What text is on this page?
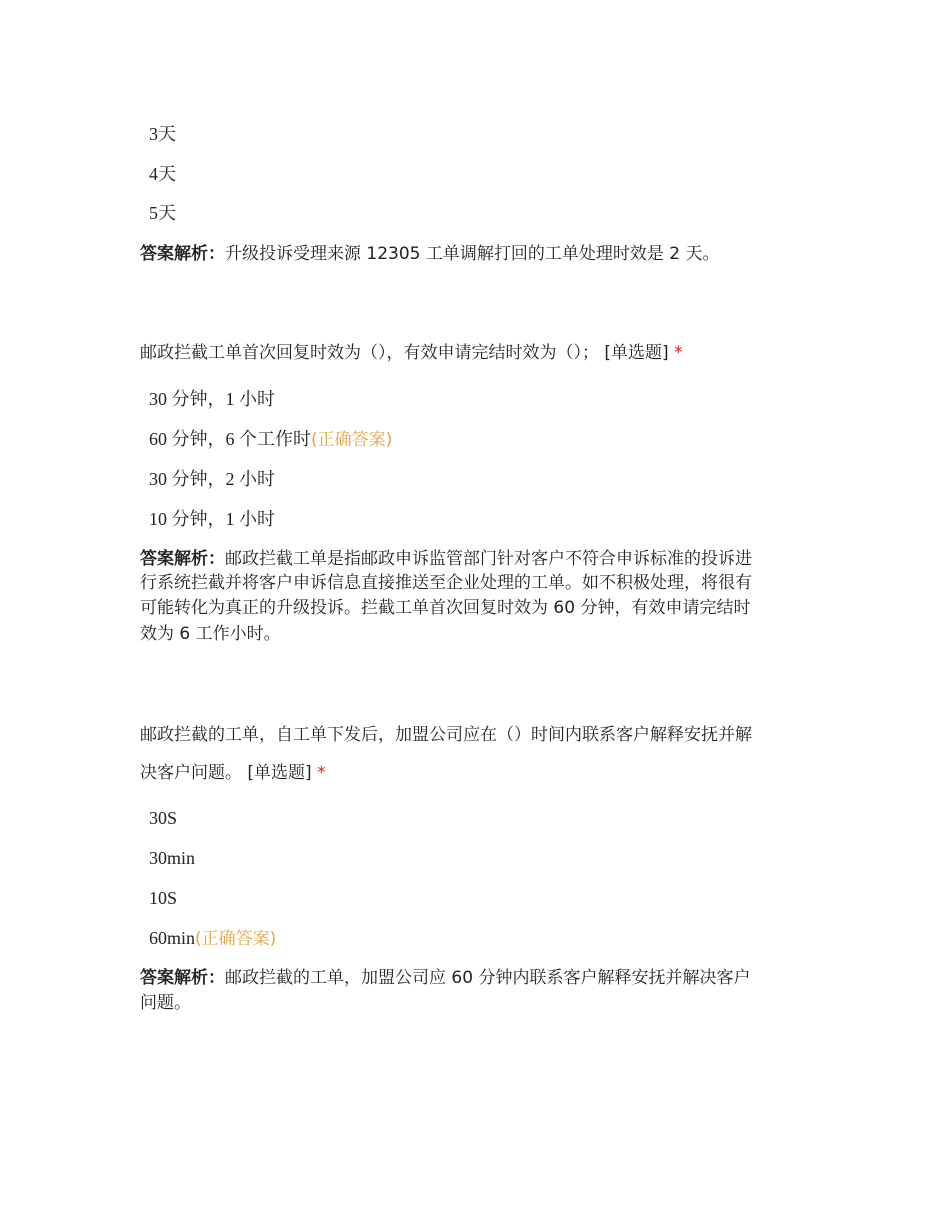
3天
4天
5天
答案解析：升级投诉受理来源 12305 工单调解打回的工单处理时效是 2 天。
邮政拦截工单首次回复时效为（），有效申请完结时效为（）； [单选题] *
30 分钟，1 小时
60 分钟，6 个工作时(正确答案)
30 分钟，2 小时
10 分钟，1 小时
答案解析：邮政拦截工单是指邮政申诉监管部门针对客户不符合申诉标准的投诉进
行系统拦截并将客户申诉信息直接推送至企业处理的工单。如不积极处理，将很有
可能转化为真正的升级投诉。拦截工单首次回复时效为 60 分钟，有效申请完结时
效为 6 工作小时。
邮政拦截的工单，自工单下发后，加盟公司应在（）时间内联系客户解释安抚并解
决客户问题。 [单选题] *
30S
30min
10S
60min(正确答案)
答案解析：邮政拦截的工单，加盟公司应 60 分钟内联系客户解释安抚并解决客户
问题。
